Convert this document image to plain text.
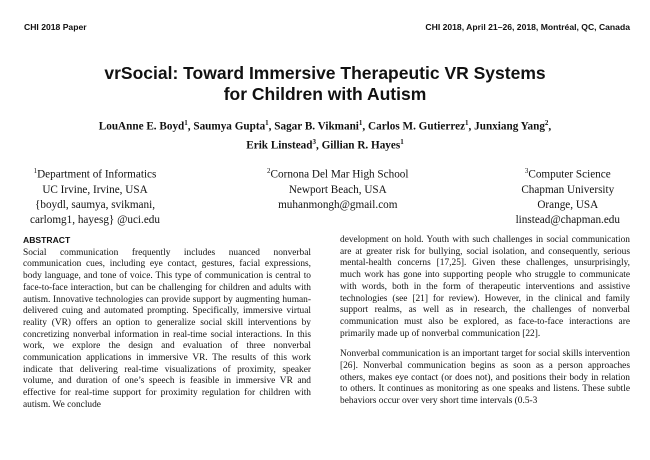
CHI 2018 Paper	CHI 2018, April 21–26, 2018, Montréal, QC, Canada
vrSocial: Toward Immersive Therapeutic VR Systems
for Children with Autism
LouAnne E. Boyd$^1$, Saumya Gupta$^1$, Sagar B. Vikmani$^1$, Carlos M. Gutierrez$^1$, Junxiang Yang$^2$,
Erik Linstead$^3$, Gillian R. Hayes$^1$
$^1$Department of Informatics
UC Irvine, Irvine, USA
{boydl, saumya, svikmani,
carlomg1, hayesg} @uci.edu
$^2$Cornona Del Mar High School
Newport Beach, USA
muhanmongh@gmail.com
$^3$Computer Science
Chapman University
Orange, USA
linstead@chapman.edu
ABSTRACT

Social communication frequently includes nuanced nonverbal communication cues, including eye contact, gestures, facial expressions, body language, and tone of voice. This type of communication is central to face-to-face interaction, but can be challenging for children and adults with autism. Innovative technologies can provide support by augmenting human-delivered cuing and automated prompting. Specifically, immersive virtual reality (VR) offers an option to generalize social skill interventions by concretizing nonverbal information in real-time social interactions. In this work, we explore the design and evaluation of three nonverbal communication applications in immersive VR. The results of this work indicate that delivering real-time visualizations of proximity, speaker volume, and duration of one’s speech is feasible in immersive VR and effective for real-time support for proximity regulation for children with autism. We conclude

development on hold. Youth with such challenges in social communication are at greater risk for bullying, social isolation, and consequently, serious mental-health concerns [17,25]. Given these challenges, unsurprisingly, much work has gone into supporting people who struggle to communicate with words, both in the form of therapeutic interventions and assistive technologies (see [21] for review). However, in the clinical and family support realms, as well as in research, the challenges of nonverbal communication must also be explored, as face-to-face interactions are primarily made up of nonverbal communication [22].

Nonverbal communication is an important target for social skills intervention [26]. Nonverbal communication begins as soon as a person approaches others, makes eye contact (or does not), and positions their body in relation to others. It continues as monitoring as one speaks and listens. These subtle behaviors occur over very short time intervals (0.5-3
